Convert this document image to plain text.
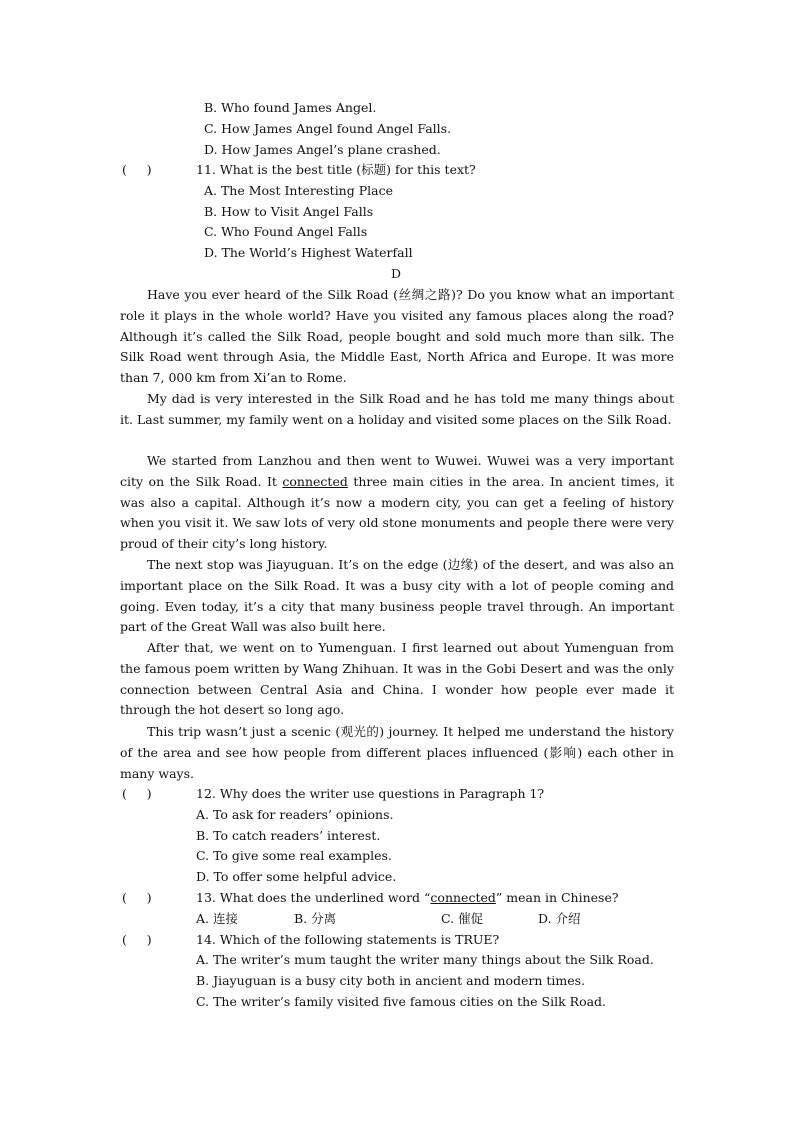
B. Who found James Angel.
C. How James Angel found Angel Falls.
D. How James Angel’s plane crashed.
(     )	11. What is the best title (标题) for this text?
A. The Most Interesting Place
B. How to Visit Angel Falls
C. Who Found Angel Falls
D. The World’s Highest Waterfall
D
Have you ever heard of the Silk Road (丝绸之路)? Do you know what an important role it plays in the whole world? Have you visited any famous places along the road? Although it’s called the Silk Road, people bought and sold much more than silk. The Silk Road went through Asia, the Middle East, North Africa and Europe. It was more than 7, 000 km from Xi’an to Rome.
My dad is very interested in the Silk Road and he has told me many things about it. Last summer, my family went on a holiday and visited some places on the Silk Road.
We started from Lanzhou and then went to Wuwei. Wuwei was a very important city on the Silk Road. It connected three main cities in the area. In ancient times, it was also a capital. Although it’s now a modern city, you can get a feeling of history when you visit it. We saw lots of very old stone monuments and people there were very proud of their city’s long history.
The next stop was Jiayuguan. It’s on the edge (边缘) of the desert, and was also an important place on the Silk Road. It was a busy city with a lot of people coming and going. Even today, it’s a city that many business people travel through. An important part of the Great Wall was also built here.
After that, we went on to Yumenguan. I first learned out about Yumenguan from the famous poem written by Wang Zhihuan. It was in the Gobi Desert and was the only connection between Central Asia and China. I wonder how people ever made it through the hot desert so long ago.
This trip wasn’t just a scenic (观光的) journey. It helped me understand the history of the area and see how people from different places influenced (影响) each other in many ways.
(     )	12. Why does the writer use questions in Paragraph 1?
A. To ask for readers’ opinions.
B. To catch readers’ interest.
C. To give some real examples.
D. To offer some helpful advice.
(     )	13. What does the underlined word “connected” mean in Chinese?
A. 连接	B. 分离	C. 催促	D. 介绍
(     )	14. Which of the following statements is TRUE?
A. The writer’s mum taught the writer many things about the Silk Road.
B. Jiayuguan is a busy city both in ancient and modern times.
C. The writer’s family visited five famous cities on the Silk Road.
